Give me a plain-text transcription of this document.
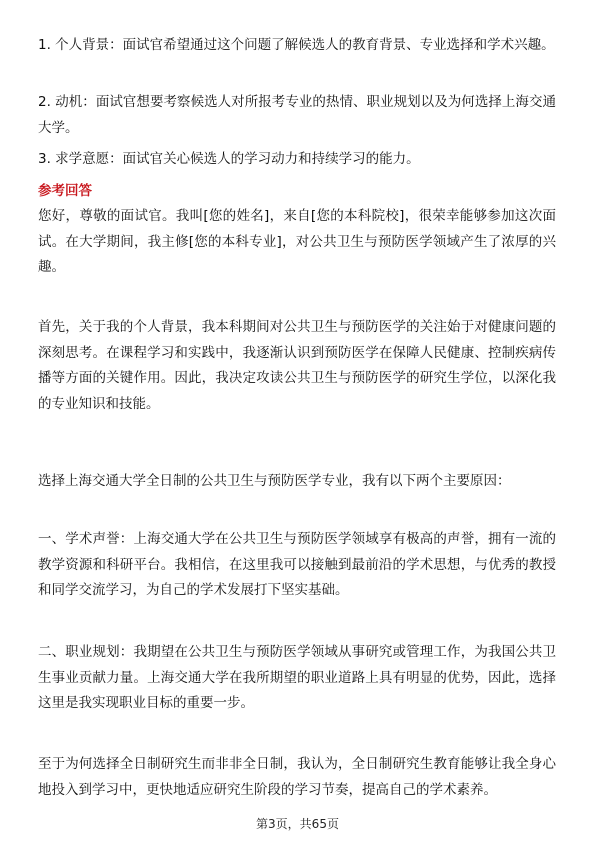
1. 个人背景：面试官希望通过这个问题了解候选人的教育背景、专业选择和学术兴趣。

2. 动机：面试官想要考察候选人对所报考专业的热情、职业规划以及为何选择上海交通大学。

3. 求学意愿：面试官关心候选人的学习动力和持续学习的能力。

参考回答

您好，尊敬的面试官。我叫[您的姓名]，来自[您的本科院校]，很荣幸能够参加这次面试。在大学期间，我主修[您的本科专业]，对公共卫生与预防医学领域产生了浓厚的兴趣。

首先，关于我的个人背景，我本科期间对公共卫生与预防医学的关注始于对健康问题的深刻思考。在课程学习和实践中，我逐渐认识到预防医学在保障人民健康、控制疾病传播等方面的关键作用。因此，我决定攻读公共卫生与预防医学的研究生学位，以深化我的专业知识和技能。

选择上海交通大学全日制的公共卫生与预防医学专业，我有以下两个主要原因：

一、学术声誉：上海交通大学在公共卫生与预防医学领域享有极高的声誉，拥有一流的教学资源和科研平台。我相信，在这里我可以接触到最前沿的学术思想，与优秀的教授和同学交流学习，为自己的学术发展打下坚实基础。

二、职业规划：我期望在公共卫生与预防医学领域从事研究或管理工作，为我国公共卫生事业贡献力量。上海交通大学在我所期望的职业道路上具有明显的优势，因此，选择这里是我实现职业目标的重要一步。

至于为何选择全日制研究生而非非全日制，我认为，全日制研究生教育能够让我全身心地投入到学习中，更快地适应研究生阶段的学习节奏，提高自己的学术素养。

第3页，共65页
